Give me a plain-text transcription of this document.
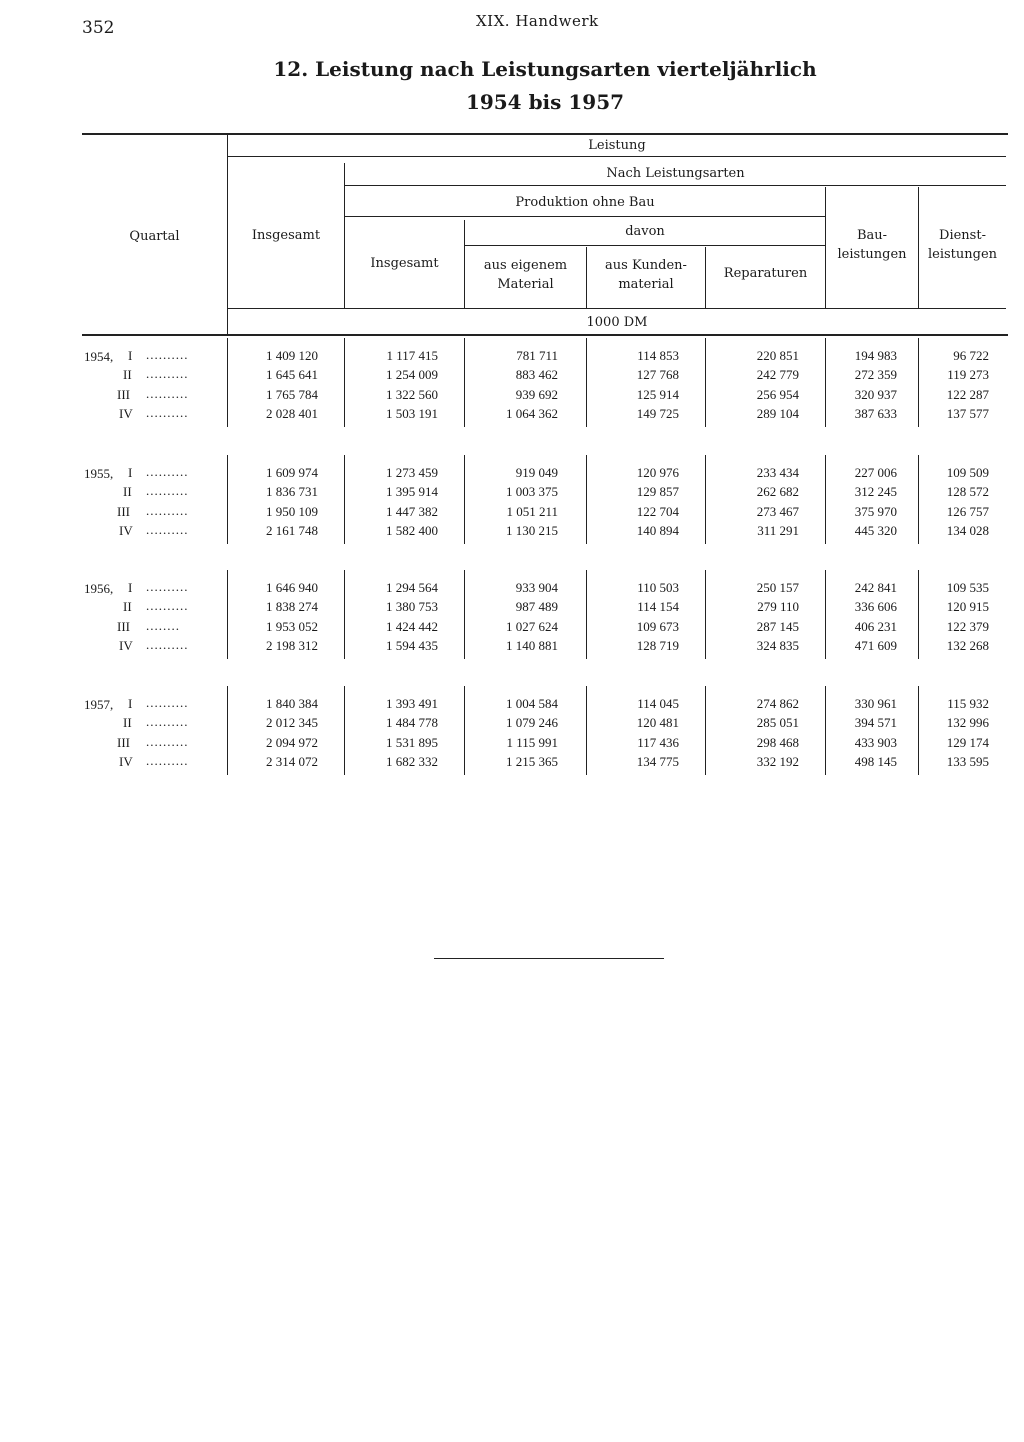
352	XIX. Handwerk
12. Leistung nach Leistungsarten vierteljährlich
1954 bis 1957
Quartal
Leistung
Insgesamt
Nach Leistungsarten
Produktion ohne Bau
Insgesamt
davon
aus eigenem
Material
aus Kunden-
material
Reparaturen
Bau-
leistungen
Dienst-
leistungen
1000 DM
1954, I ..........	1 409 120	1 117 415	781 711	114 853	220 851	194 983	96 722
II ..........	1 645 641	1 254 009	883 462	127 768	242 779	272 359	119 273
III ..........	1 765 784	1 322 560	939 692	125 914	256 954	320 937	122 287
IV ..........	2 028 401	1 503 191	1 064 362	149 725	289 104	387 633	137 577
1955, I ..........	1 609 974	1 273 459	919 049	120 976	233 434	227 006	109 509
II ..........	1 836 731	1 395 914	1 003 375	129 857	262 682	312 245	128 572
III ..........	1 950 109	1 447 382	1 051 211	122 704	273 467	375 970	126 757
IV ..........	2 161 748	1 582 400	1 130 215	140 894	311 291	445 320	134 028
1956, I ..........	1 646 940	1 294 564	933 904	110 503	250 157	242 841	109 535
II ..........	1 838 274	1 380 753	987 489	114 154	279 110	336 606	120 915
III ........	1 953 052	1 424 442	1 027 624	109 673	287 145	406 231	122 379
IV ..........	2 198 312	1 594 435	1 140 881	128 719	324 835	471 609	132 268
1957, I ..........	1 840 384	1 393 491	1 004 584	114 045	274 862	330 961	115 932
II ..........	2 012 345	1 484 778	1 079 246	120 481	285 051	394 571	132 996
III ..........	2 094 972	1 531 895	1 115 991	117 436	298 468	433 903	129 174
IV ..........	2 314 072	1 682 332	1 215 365	134 775	332 192	498 145	133 595
